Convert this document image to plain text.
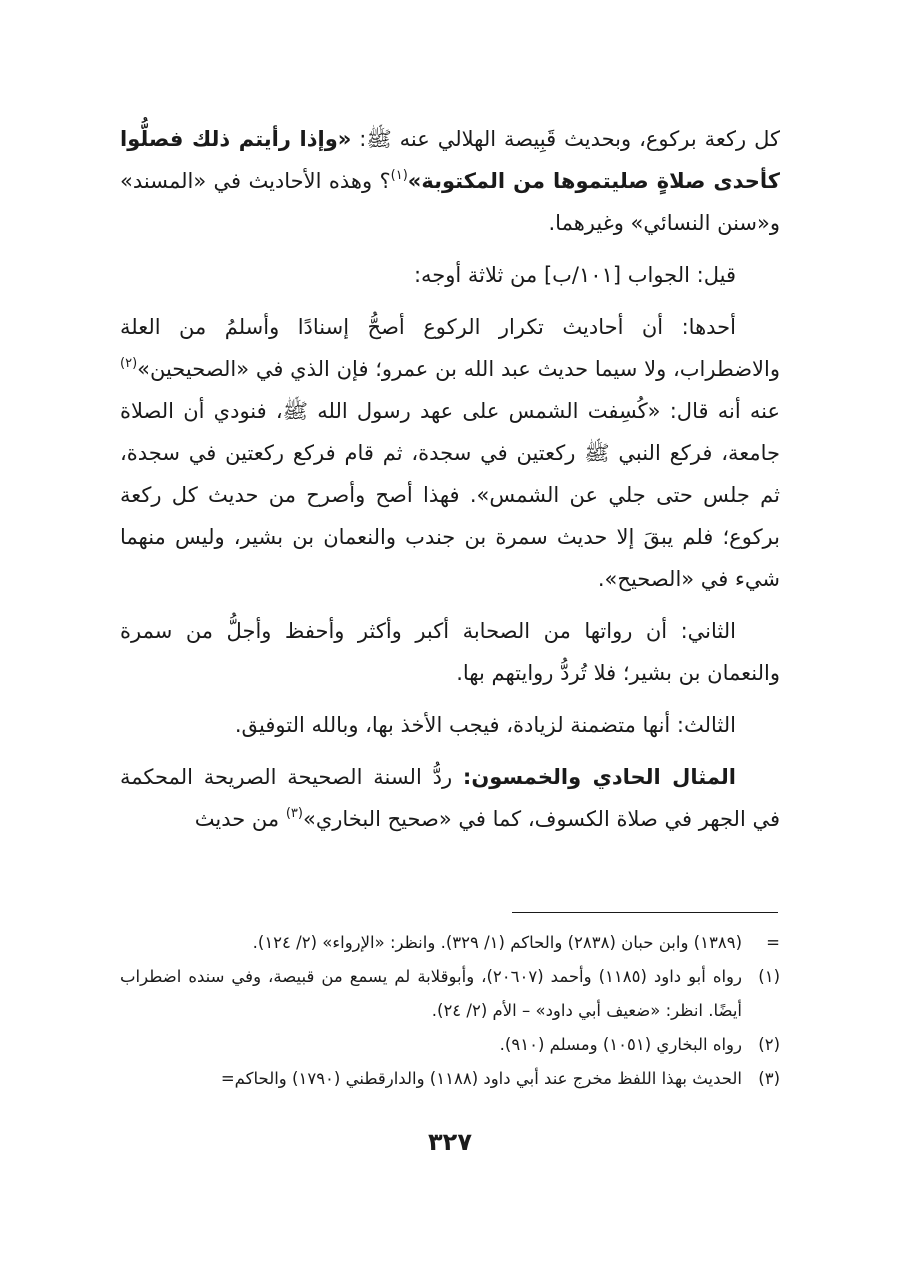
كل ركعة بركوع، وبحديث قَبِيصة الهلالي عنه ﷺ: «وإذا رأيتم ذلك فصلُّوا كأحدى صلاةٍ صليتموها من المكتوبة»$^{(١)}$؟ وهذه الأحاديث في «المسند» و«سنن النسائي» وغيرهما.

قيل: الجواب [١٠١/ب] من ثلاثة أوجه:

أحدها: أن أحاديث تكرار الركوع أصحُّ إسنادًا وأسلمُ من العلة والاضطراب، ولا سيما حديث عبد الله بن عمرو؛ فإن الذي في «الصحيحين»$^{(٢)}$ عنه أنه قال: «كُسِفت الشمس على عهد رسول الله ﷺ، فنودي أن الصلاة جامعة، فركع النبي ﷺ ركعتين في سجدة، ثم قام فركع ركعتين في سجدة، ثم جلس حتى جلي عن الشمس». فهذا أصح وأصرح من حديث كل ركعة بركوع؛ فلم يبقَ إلا حديث سمرة بن جندب والنعمان بن بشير، وليس منهما شيء في «الصحيح».

الثاني: أن رواتها من الصحابة أكبر وأكثر وأحفظ وأجلُّ من سمرة والنعمان بن بشير؛ فلا تُردُّ روايتهم بها.

الثالث: أنها متضمنة لزيادة، فيجب الأخذ بها، وبالله التوفيق.

المثال الحادي والخمسون: ردُّ السنة الصحيحة الصريحة المحكمة في الجهر في صلاة الكسوف، كما في «صحيح البخاري»$^{(٣)}$ من حديث

=
(١٣٨٩) وابن حبان (٢٨٣٨) والحاكم (١/ ٣٢٩). وانظر: «الإرواء» (٢/ ١٢٤).
(١)
رواه أبو داود (١١٨٥) وأحمد (٢٠٦٠٧)، وأبوقلابة لم يسمع من قبيصة، وفي سنده اضطراب أيضًا. انظر: «ضعيف أبي داود» – الأم (٢/ ٢٤).
(٢)
رواه البخاري (١٠٥١) ومسلم (٩١٠).
(٣)
الحديث بهذا اللفظ مخرج عند أبي داود (١١٨٨) والدارقطني (١٧٩٠) والحاكم=
٣٢٧
